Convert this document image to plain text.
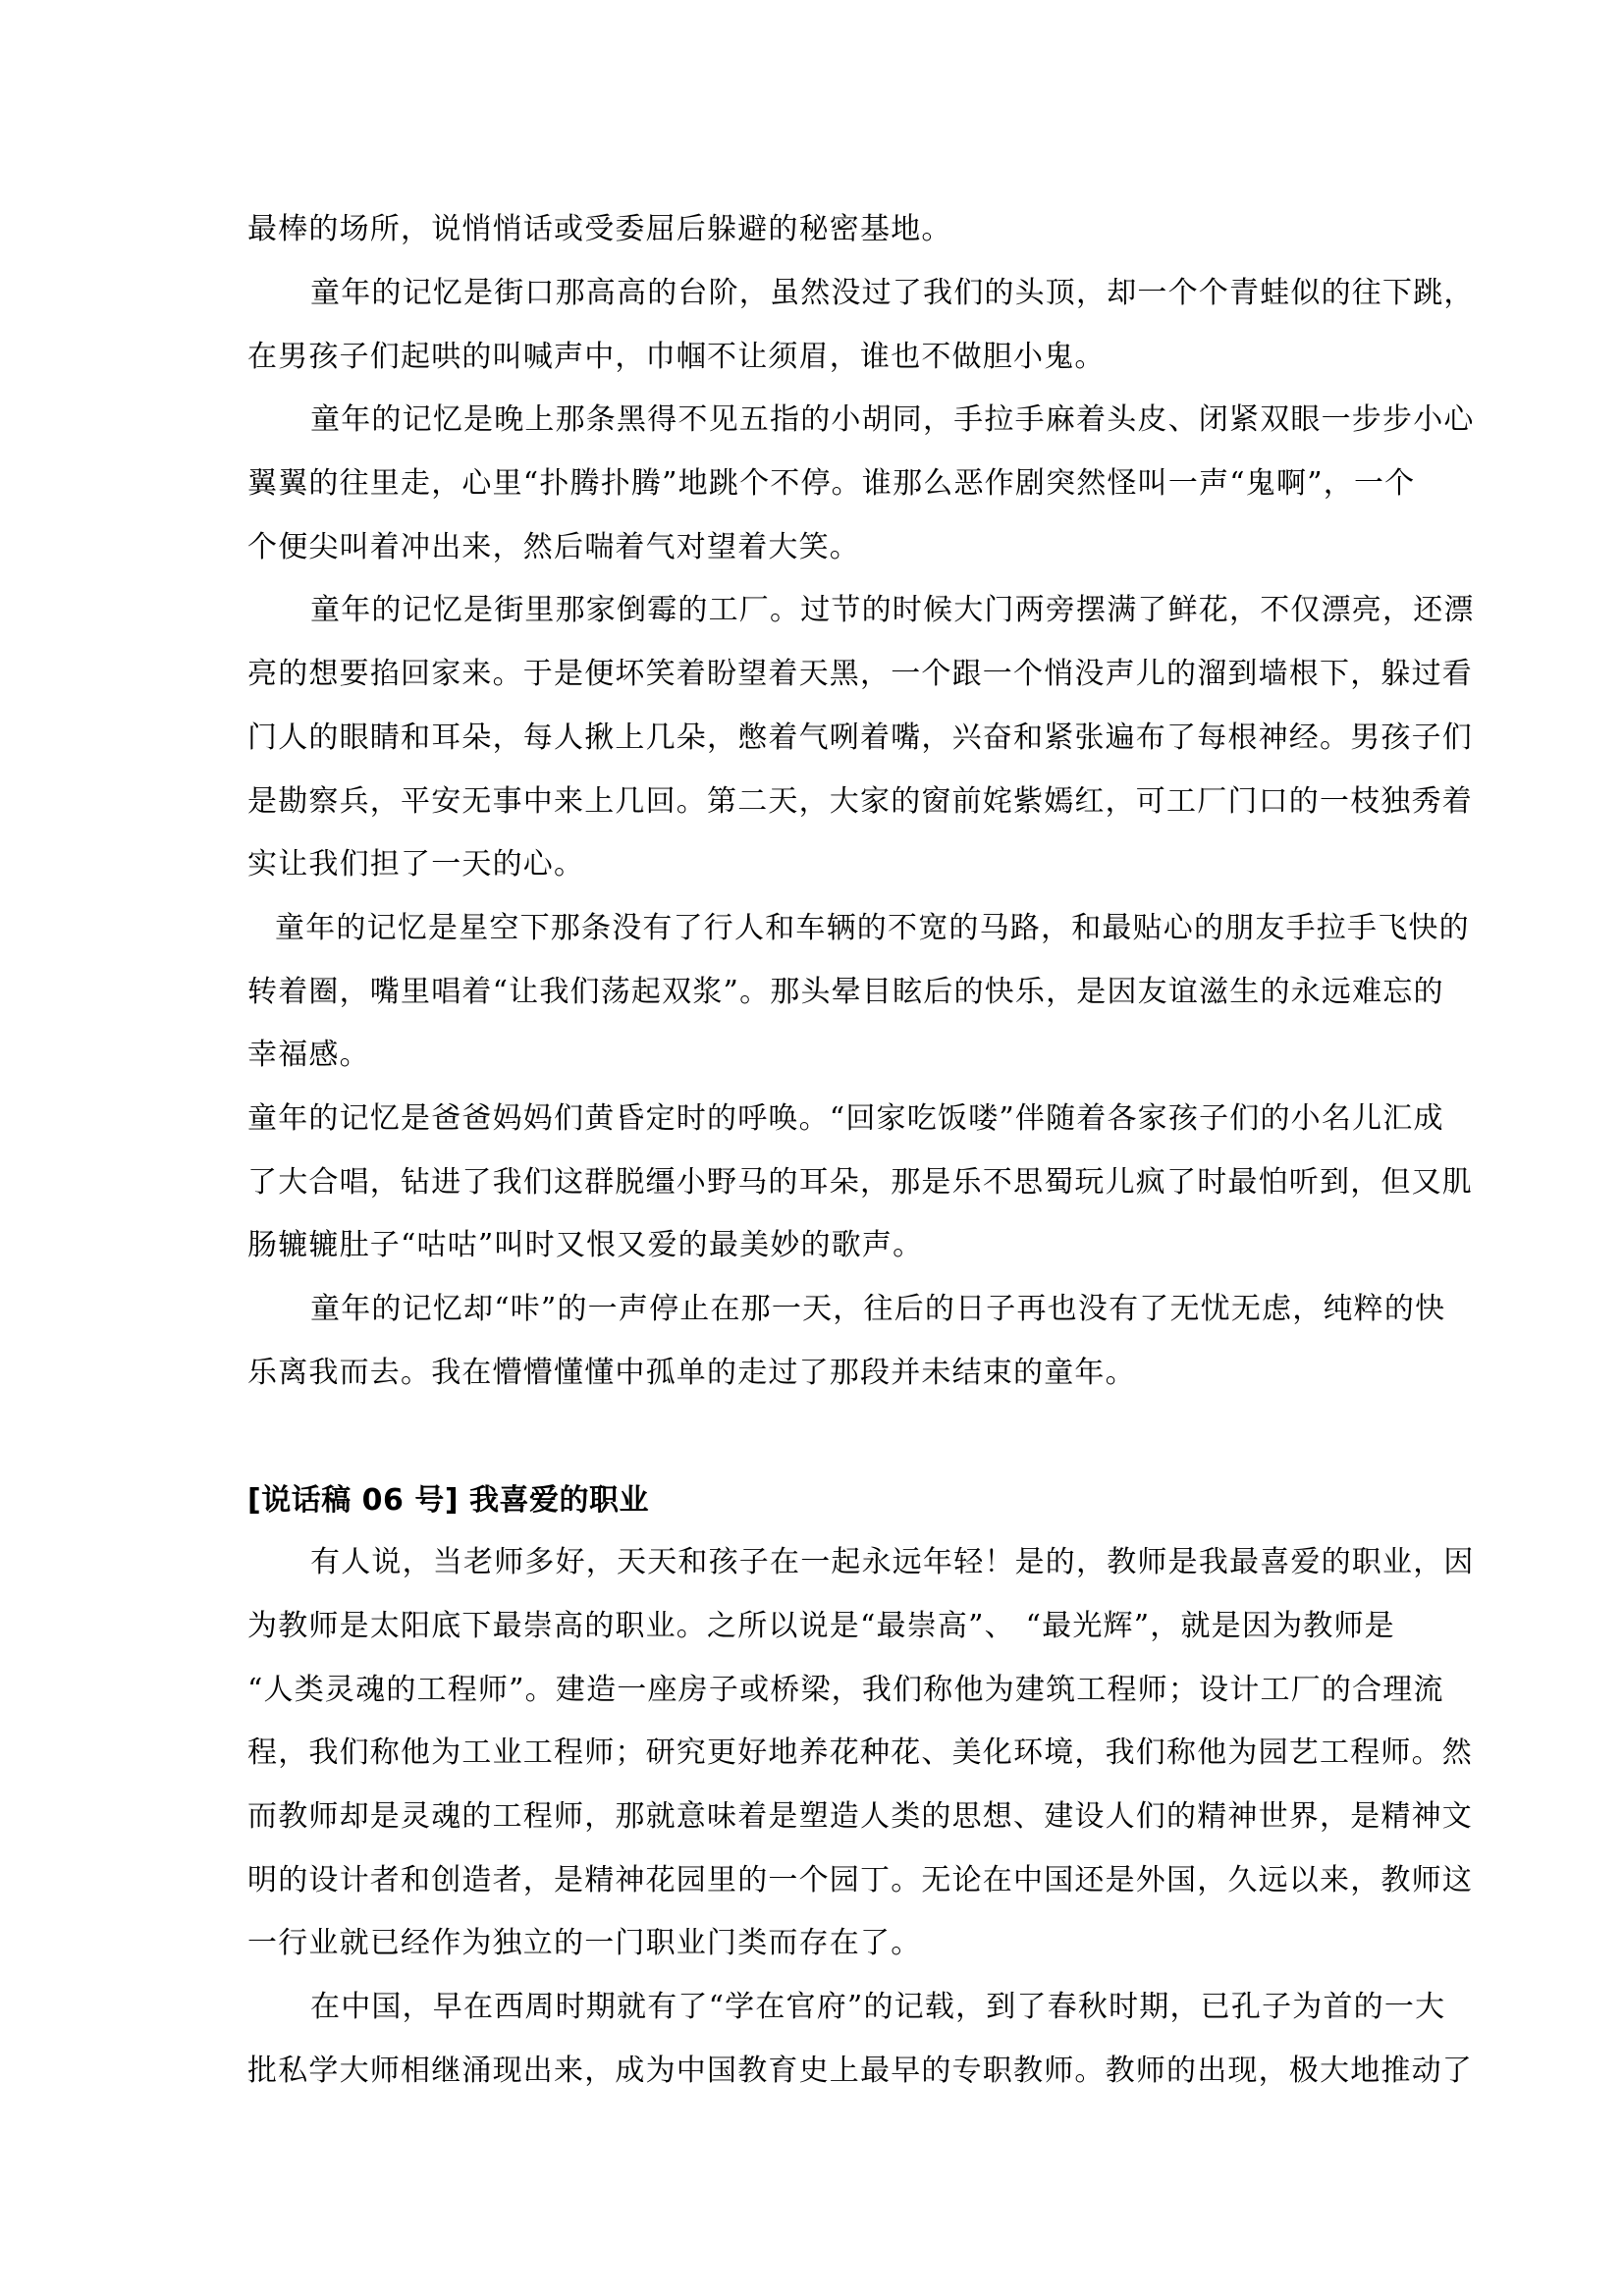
最棒的场所，说悄悄话或受委屈后躲避的秘密基地。
童年的记忆是街口那高高的台阶，虽然没过了我们的头顶，却一个个青蛙似的往下跳，
在男孩子们起哄的叫喊声中，巾帼不让须眉，谁也不做胆小鬼。
童年的记忆是晚上那条黑得不见五指的小胡同，手拉手麻着头皮、闭紧双眼一步步小心
翼翼的往里走，心里“扑腾扑腾”地跳个不停。谁那么恶作剧突然怪叫一声“鬼啊”，一个
个便尖叫着冲出来，然后喘着气对望着大笑。
童年的记忆是街里那家倒霉的工厂。过节的时候大门两旁摆满了鲜花，不仅漂亮，还漂
亮的想要掐回家来。于是便坏笑着盼望着天黑，一个跟一个悄没声儿的溜到墙根下，躲过看
门人的眼睛和耳朵，每人揪上几朵，憋着气咧着嘴，兴奋和紧张遍布了每根神经。男孩子们
是勘察兵，平安无事中来上几回。第二天，大家的窗前姹紫嫣红，可工厂门口的一枝独秀着
实让我们担了一天的心。
童年的记忆是星空下那条没有了行人和车辆的不宽的马路，和最贴心的朋友手拉手飞快的
转着圈，嘴里唱着“让我们荡起双浆”。那头晕目眩后的快乐，是因友谊滋生的永远难忘的
幸福感。
童年的记忆是爸爸妈妈们黄昏定时的呼唤。“回家吃饭喽”伴随着各家孩子们的小名儿汇成
了大合唱，钻进了我们这群脱缰小野马的耳朵，那是乐不思蜀玩儿疯了时最怕听到，但又肌
肠辘辘肚子“咕咕”叫时又恨又爱的最美妙的歌声。
童年的记忆却“咔”的一声停止在那一天，往后的日子再也没有了无忧无虑，纯粹的快
乐离我而去。我在懵懵懂懂中孤单的走过了那段并未结束的童年。
[说话稿 06 号] 我喜爱的职业
有人说，当老师多好，天天和孩子在一起永远年轻！是的，教师是我最喜爱的职业，因
为教师是太阳底下最崇高的职业。之所以说是“最崇高”、 “最光辉”，就是因为教师是
“人类灵魂的工程师”。建造一座房子或桥梁，我们称他为建筑工程师；设计工厂的合理流
程，我们称他为工业工程师；研究更好地养花种花、美化环境，我们称他为园艺工程师。然
而教师却是灵魂的工程师，那就意味着是塑造人类的思想、建设人们的精神世界，是精神文
明的设计者和创造者，是精神花园里的一个园丁。无论在中国还是外国，久远以来，教师这
一行业就已经作为独立的一门职业门类而存在了。
在中国，早在西周时期就有了“学在官府”的记载，到了春秋时期，已孔子为首的一大
批私学大师相继涌现出来，成为中国教育史上最早的专职教师。教师的出现，极大地推动了
